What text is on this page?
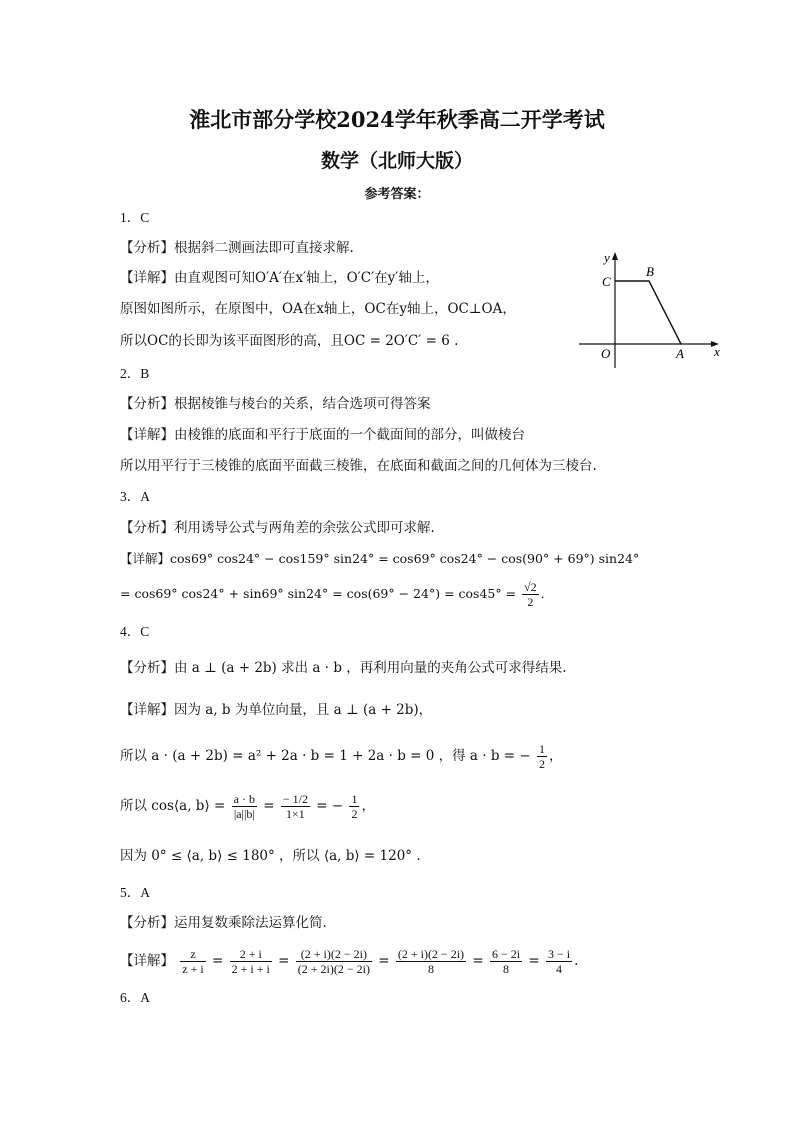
淮北市部分学校2024学年秋季高二开学考试
数学（北师大版）
参考答案：
1．C
【分析】根据斜二测画法即可直接求解.
【详解】由直观图可知O′A′在x′轴上，O′C′在y′轴上，
原图如图所示，在原图中，OA在x轴上，OC在y轴上，OC⊥OA，
所以OC的长即为该平面图形的高，且OC = 2O′C′ = 6 .
y
C
B
O	A x
2．B
【分析】根据棱锥与棱台的关系，结合选项可得答案
【详解】由棱锥的底面和平行于底面的一个截面间的部分，叫做棱台
所以用平行于三棱锥的底面平面截三棱锥，在底面和截面之间的几何体为三棱台.
3．A
【分析】利用诱导公式与两角差的余弦公式即可求解.
【详解】cos69° cos24° − cos159° sin24° = cos69° cos24° − cos(90° + 69°) sin24°
= cos69° cos24° + sin69° $\sin 24^\circ = \cos(69^\circ - 24^\circ) = \cos 45^\circ = \frac{√2}{2}$ .
4．C
【分析】由 a ⊥ (a + 2b) 求出 a · b ，再利用向量的夹角公式可求得结果.
【详解】因为 a, b 为单位向量，且 a ⊥ (a + 2b)，
所以 a · (a + 2b) = a² + 2a · b = 1 + 2a · b = 0 ，得 a · b = − $\frac{1}{2}$ ，
所以 cos⟨a, b⟩ = $\frac{a \cdot b}{|a||b|} = \frac{- 1/2}{1\times 1}$ = − $\frac{1}{2}$ ，
因为 0° ≤ ⟨a, b⟩ ≤ 180° ，所以 ⟨a, b⟩ = 120° .
5．A
【分析】运用复数乘除法运算化简.
【详解】 $\frac{z}{z + i} = \frac{2 + i}{2 + i + i} = \frac{(2 + i)(2 - 2i)}{(2 + 2i)(2 - 2i)} = \frac{(2 + i)(2 - 2i)}{8} = \frac{6 - 2i}{8} = \frac{3 - i}{4}$ .
6．A
